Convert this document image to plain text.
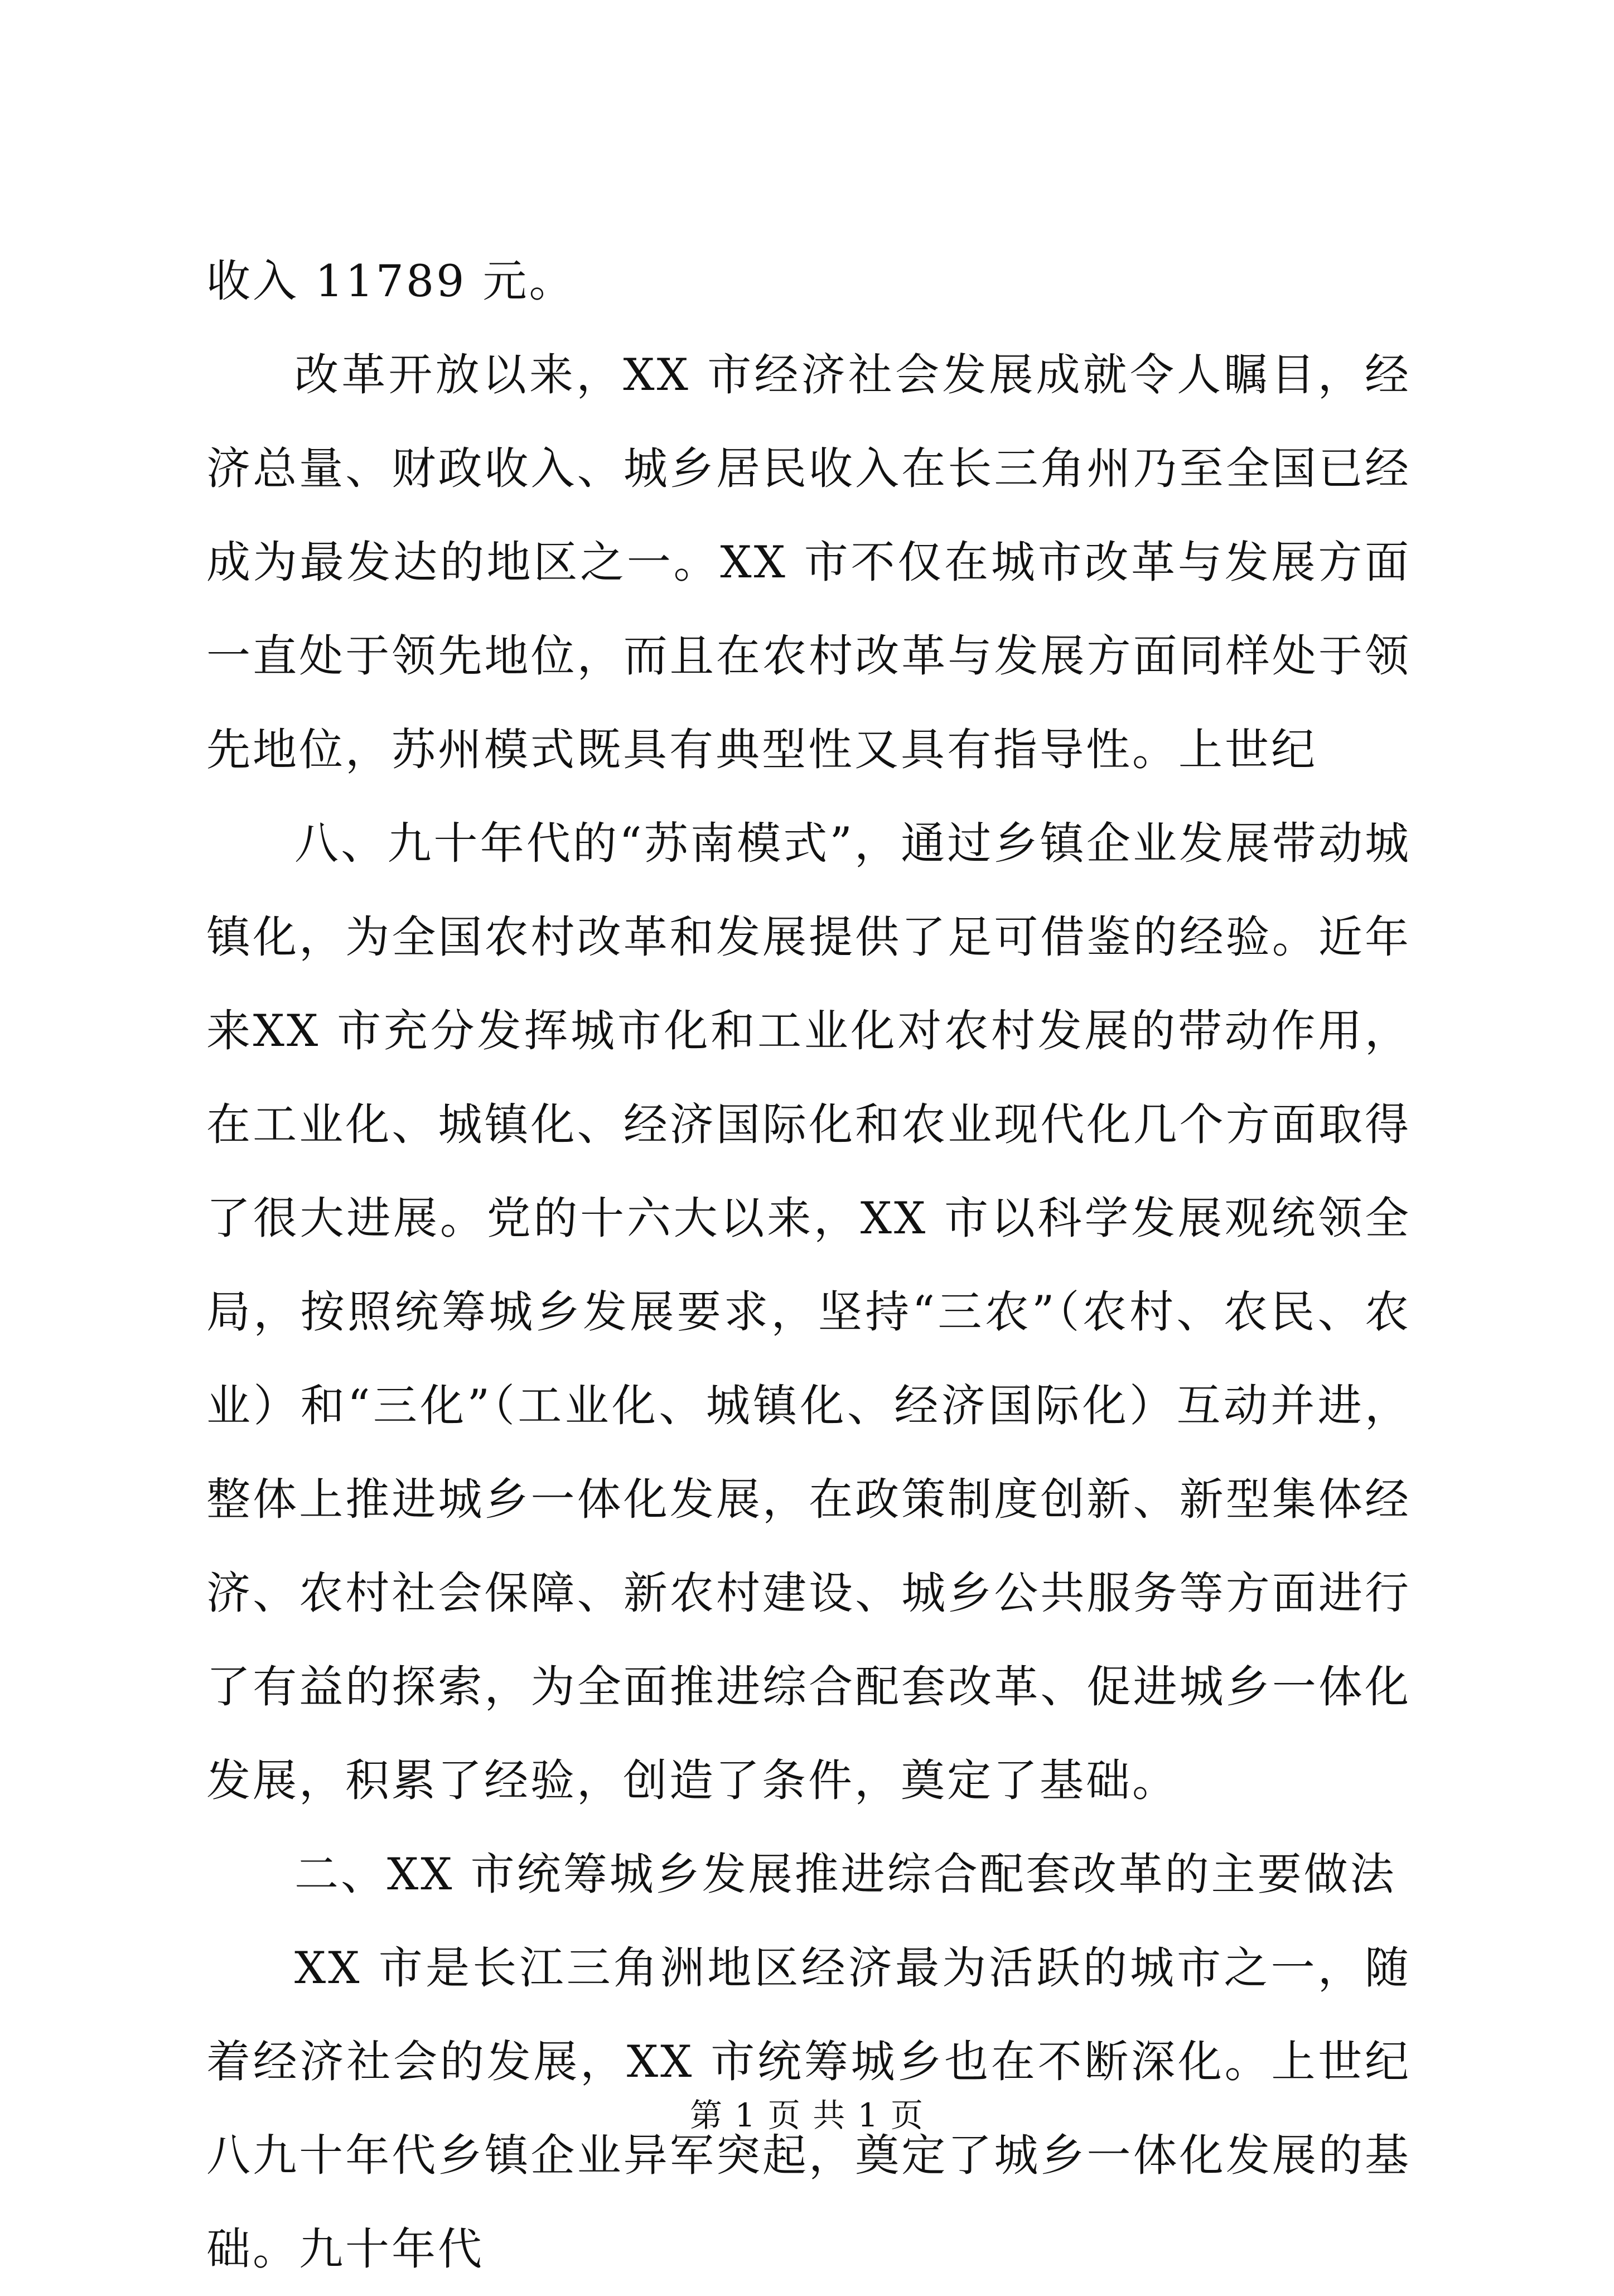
收入 11789 元。

改革开放以来，XX 市经济社会发展成就令人瞩目，经济总量、财政收入、城乡居民收入在长三角州乃至全国已经成为最发达的地区之一。XX 市不仅在城市改革与发展方面一直处于领先地位，而且在农村改革与发展方面同样处于领先地位，苏州模式既具有典型性又具有指导性。上世纪

八、九十年代的“苏南模式”，通过乡镇企业发展带动城镇化，为全国农村改革和发展提供了足可借鉴的经验。近年来XX 市充分发挥城市化和工业化对农村发展的带动作用，在工业化、城镇化、经济国际化和农业现代化几个方面取得了很大进展。党的十六大以来，XX 市以科学发展观统领全局，按照统筹城乡发展要求，坚持“三农”（农村、农民、农业）和“三化”（工业化、城镇化、经济国际化）互动并进，整体上推进城乡一体化发展，在政策制度创新、新型集体经济、农村社会保障、新农村建设、城乡公共服务等方面进行了有益的探索，为全面推进综合配套改革、促进城乡一体化发展，积累了经验，创造了条件，奠定了基础。

二、XX 市统筹城乡发展推进综合配套改革的主要做法

XX 市是长江三角洲地区经济最为活跃的城市之一，随着经济社会的发展，XX 市统筹城乡也在不断深化。上世纪八九十年代乡镇企业异军突起，奠定了城乡一体化发展的基础。九十年代

第 1 页 共 1 页
